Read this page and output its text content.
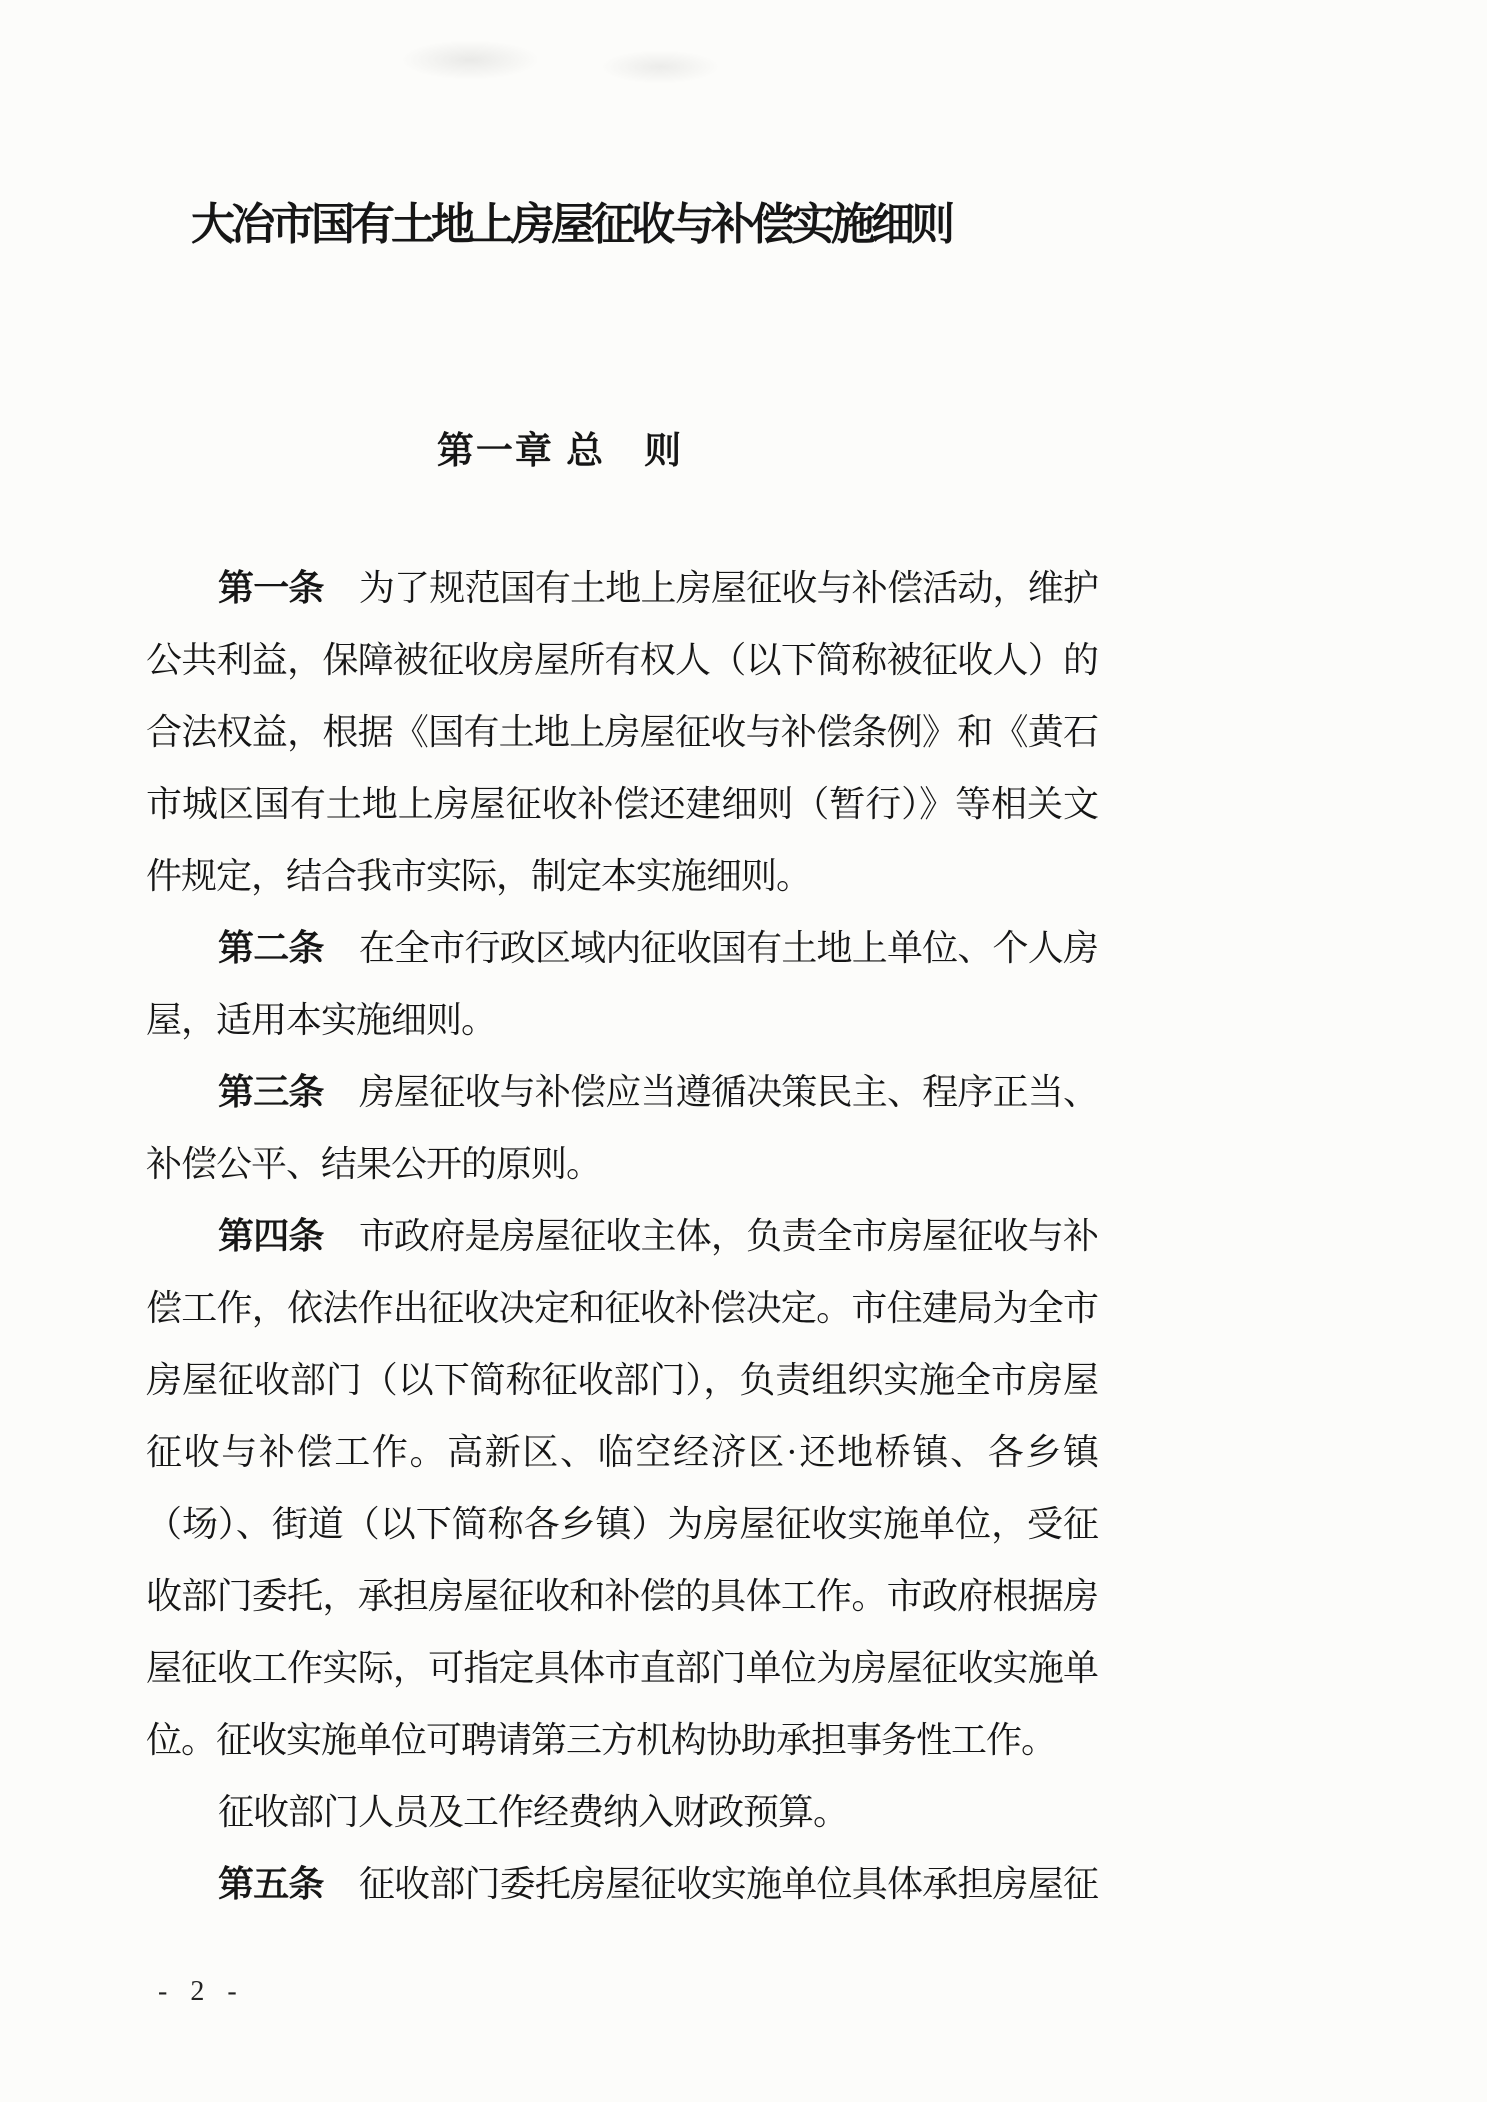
大冶市国有土地上房屋征收与补偿实施细则
第一章 总　则
第一条　为了规范国有土地上房屋征收与补偿活动，维护
公共利益，保障被征收房屋所有权人（以下简称被征收人）的
合法权益，根据《国有土地上房屋征收与补偿条例》和《黄石
市城区国有土地上房屋征收补偿还建细则（暂行）》等相关文
件规定，结合我市实际，制定本实施细则。
第二条　在全市行政区域内征收国有土地上单位、个人房
屋，适用本实施细则。
第三条　房屋征收与补偿应当遵循决策民主、程序正当、
补偿公平、结果公开的原则。
第四条　市政府是房屋征收主体，负责全市房屋征收与补
偿工作，依法作出征收决定和征收补偿决定。市住建局为全市
房屋征收部门（以下简称征收部门），负责组织实施全市房屋
征收与补偿工作。高新区、临空经济区·还地桥镇、各乡镇
（场）、街道（以下简称各乡镇）为房屋征收实施单位，受征
收部门委托，承担房屋征收和补偿的具体工作。市政府根据房
屋征收工作实际，可指定具体市直部门单位为房屋征收实施单
位。征收实施单位可聘请第三方机构协助承担事务性工作。
征收部门人员及工作经费纳入财政预算。
第五条　征收部门委托房屋征收实施单位具体承担房屋征
- 2 -
